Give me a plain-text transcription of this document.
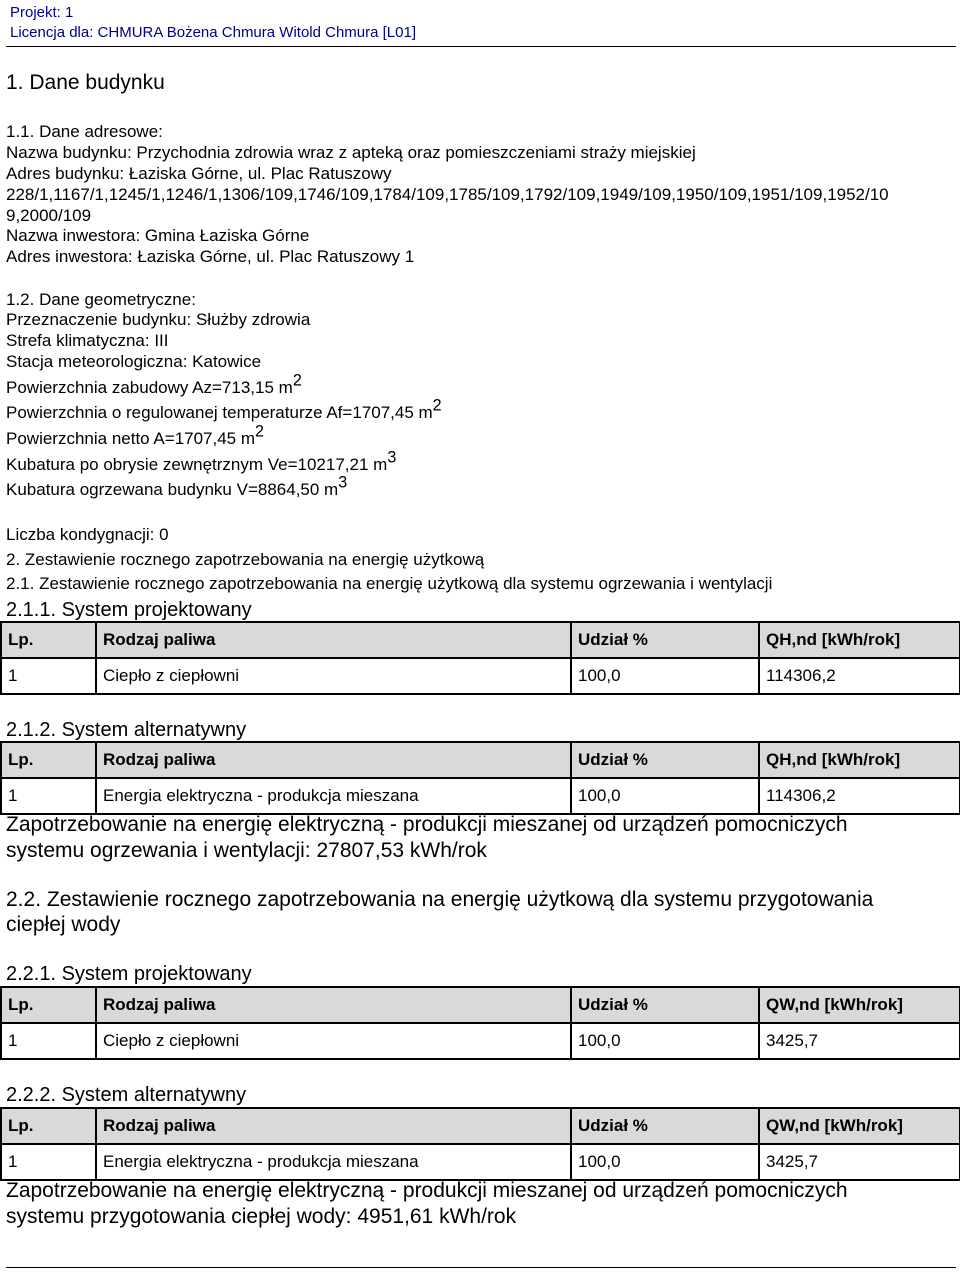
Projekt: 1
Licencja dla: CHMURA Bożena Chmura Witold Chmura [L01]
1. Dane budynku
1.1. Dane adresowe:
Nazwa budynku: Przychodnia zdrowia wraz z apteką oraz pomieszczeniami straży miejskiej
Adres budynku: Łaziska Górne, ul. Plac Ratuszowy
228/1,1167/1,1245/1,1246/1,1306/109,1746/109,1784/109,1785/109,1792/109,1949/109,1950/109,1951/109,1952/10
9,2000/109
Nazwa inwestora: Gmina Łaziska Górne
Adres inwestora: Łaziska Górne, ul. Plac Ratuszowy 1
1.2. Dane geometryczne:
Przeznaczenie budynku: Służby zdrowia
Strefa klimatyczna: III
Stacja meteorologiczna: Katowice
Powierzchnia zabudowy Az=713,15 $m^2$
Powierzchnia o regulowanej temperaturze Af=1707,45 $m^2$
Powierzchnia netto A=1707,45 $m^2$
Kubatura po obrysie zewnętrznym Ve=10217,21 $m^3$
Kubatura ogrzewana budynku V=8864,50 $m^3$
Liczba kondygnacji: 0
2. Zestawienie rocznego zapotrzebowania na energię użytkową
2.1. Zestawienie rocznego zapotrzebowania na energię użytkową dla systemu ogrzewania i wentylacji
2.1.1. System projektowany
Lp.	Rodzaj paliwa	Udział %	QH,nd [kWh/rok]
1	Ciepło z ciepłowni	100,0	114306,2
2.1.2. System alternatywny
Lp.	Rodzaj paliwa	Udział %	QH,nd [kWh/rok]
1	Energia elektryczna - produkcja mieszana	100,0	114306,2
Zapotrzebowanie na energię elektryczną - produkcji mieszanej od urządzeń pomocniczych
systemu ogrzewania i wentylacji: 27807,53 kWh/rok
2.2. Zestawienie rocznego zapotrzebowania na energię użytkową dla systemu przygotowania
ciepłej wody
2.2.1. System projektowany
Lp.	Rodzaj paliwa	Udział %	QW,nd [kWh/rok]
1	Ciepło z ciepłowni	100,0	3425,7
2.2.2. System alternatywny
Lp.	Rodzaj paliwa	Udział %	QW,nd [kWh/rok]
1	Energia elektryczna - produkcja mieszana	100,0	3425,7
Zapotrzebowanie na energię elektryczną - produkcji mieszanej od urządzeń pomocniczych
systemu przygotowania ciepłej wody: 4951,61 kWh/rok
